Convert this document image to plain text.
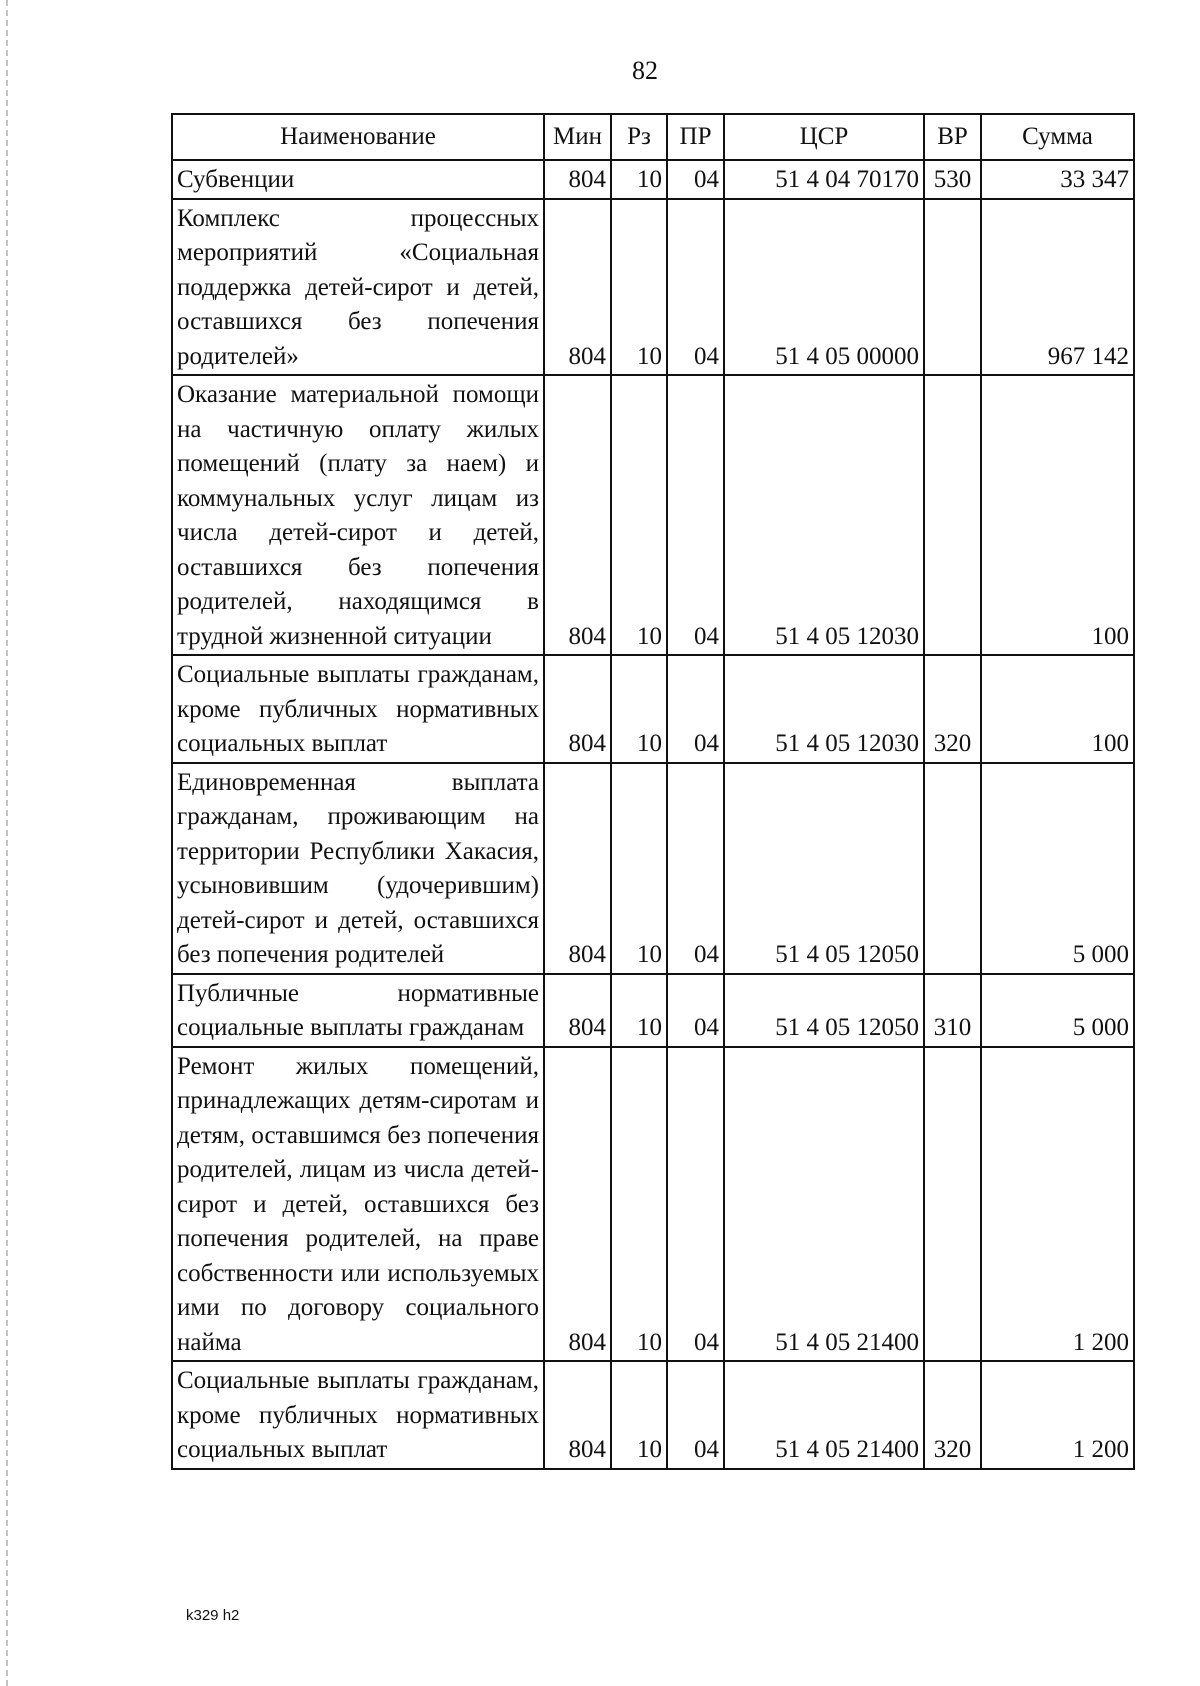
82
Наименование	Мин	Рз	ПР	ЦСР	ВР	Сумма
Субвенции	804	10	04	51 4 04 70170	530	33 347
Комплекс процессных мероприятий «Социальная поддержка детей-сирот и детей, оставшихся без попечения родителей»	804	10	04	51 4 05 00000		967 142
Оказание материальной помощи на частичную оплату жилых помещений (плату за наем) и коммунальных услуг лицам из числа детей-сирот и детей, оставшихся без попечения родителей, находящимся в трудной жизненной ситуации	804	10	04	51 4 05 12030		100
Социальные выплаты гражданам, кроме публичных нормативных социальных выплат	804	10	04	51 4 05 12030	320	100
Единовременная выплата гражданам, проживающим на территории Республики Хакасия, усыновившим (удочерившим) детей-сирот и детей, оставшихся без попечения родителей	804	10	04	51 4 05 12050		5 000
Публичные нормативные социальные выплаты гражданам	804	10	04	51 4 05 12050	310	5 000
Ремонт жилых помещений, принадлежащих детям-сиротам и детям, оставшимся без попечения родителей, лицам из числа детей-сирот и детей, оставшихся без попечения родителей, на праве собственности или используемых ими по договору социального найма	804	10	04	51 4 05 21400		1 200
Социальные выплаты гражданам, кроме публичных нормативных социальных выплат	804	10	04	51 4 05 21400	320	1 200
k329 h2
